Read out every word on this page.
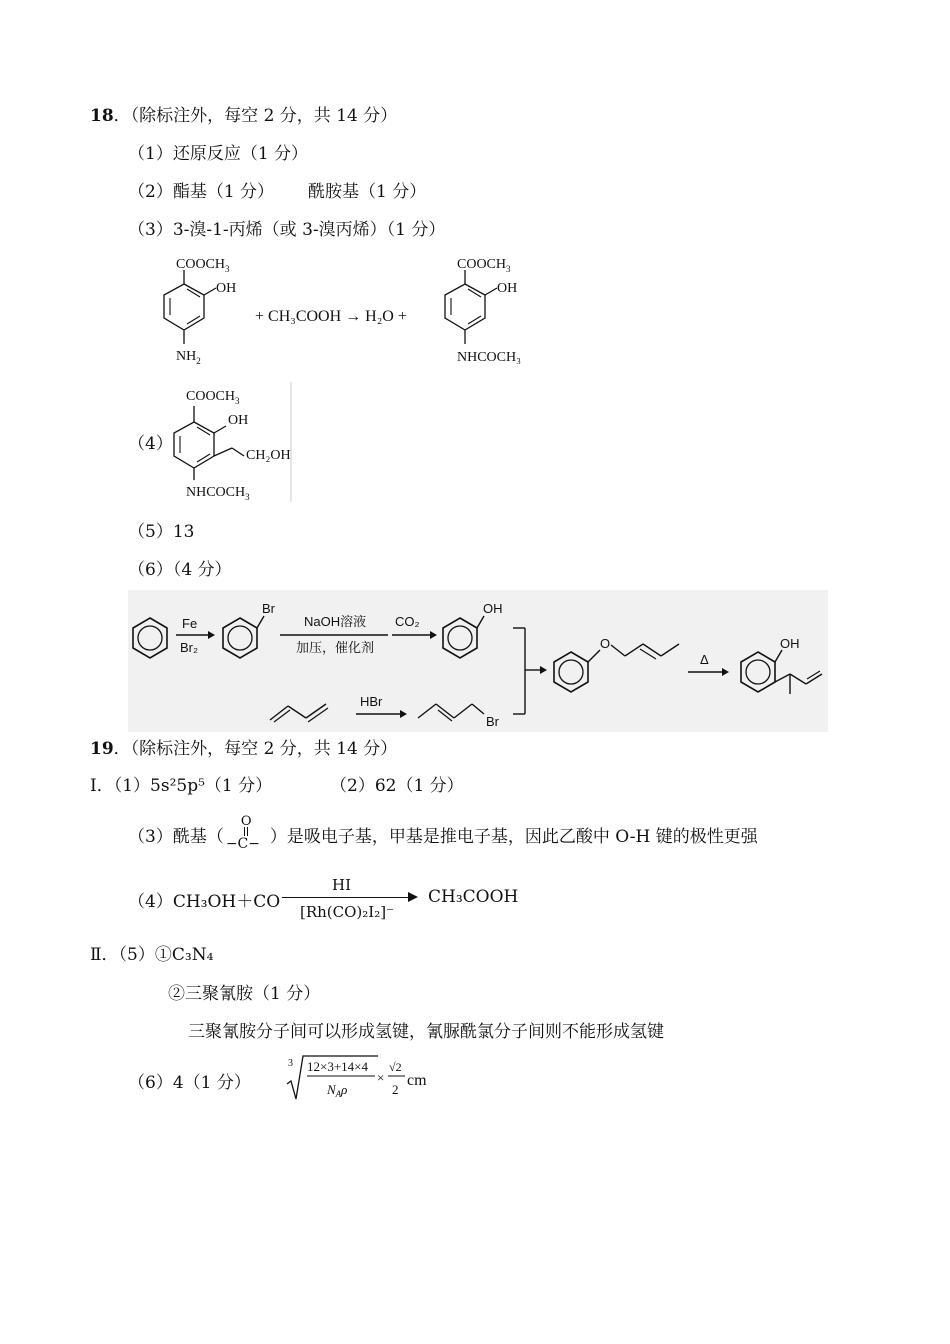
18．（除标注外，每空 2 分，共 14 分）
（1）还原反应（1 分）
（2）酯基（1 分） 酰胺基（1 分）
（3）3-溴-1-丙烯（或 3-溴丙烯）（1 分）
$COOCH_3$
OH
$NH_2$
+ CH₃COOH → H₂O +
$COOCH_3$
OH
NHCOCH₃
（4）
$COOCH_3$
OH
CH₂OH
$NHCOCH_3$
（5）13
（6）（4 分）
Fe
Br₂
Br
NaOH溶液
加压，催化剂
CO₂
OH
O
Δ
OH
HBr
Br
19．（除标注外，每空 2 分，共 14 分）
Ⅰ．（1）5s²5p⁵（1 分）	（2）62（1 分）
（3）酰基（
O
−C− ）是吸电子基，甲基是推电子基，因此乙酸中 O-H 键的极性更强
（4）CH₃OH＋CO
HI
[Rh(CO)₂I₂]⁻
CH₃COOH
Ⅱ．（5）①C₃N₄
②三聚氰胺（1 分）
三聚氰胺分子间可以形成氢键，氰脲酰氯分子间则不能形成氢键
（6）4（1 分）
3 12×3+14×4
$N_A\rho$
×
√2
2
cm
